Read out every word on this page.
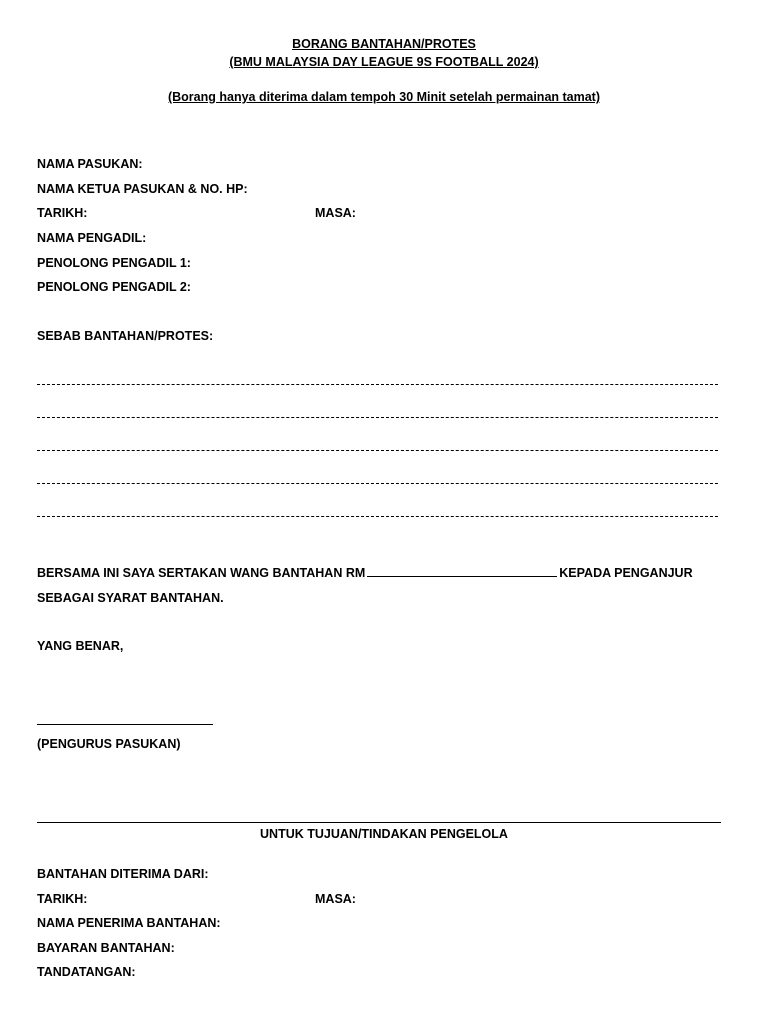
BORANG BANTAHAN/PROTES
(BMU MALAYSIA DAY LEAGUE 9S FOOTBALL 2024)
(Borang hanya diterima dalam tempoh 30 Minit setelah permainan tamat)
NAMA PASUKAN:
NAMA KETUA PASUKAN & NO. HP:
TARIKH:	MASA:
NAMA PENGADIL:
PENOLONG PENGADIL 1:
PENOLONG PENGADIL 2:
SEBAB BANTAHAN/PROTES:
BERSAMA INI SAYA SERTAKAN WANG BANTAHAN RM	KEPADA PENGANJUR
SEBAGAI SYARAT BANTAHAN.
YANG BENAR,
(PENGURUS PASUKAN)
UNTUK TUJUAN/TINDAKAN PENGELOLA
BANTAHAN DITERIMA DARI:
TARIKH:	MASA:
NAMA PENERIMA BANTAHAN:
BAYARAN BANTAHAN:
TANDATANGAN:
